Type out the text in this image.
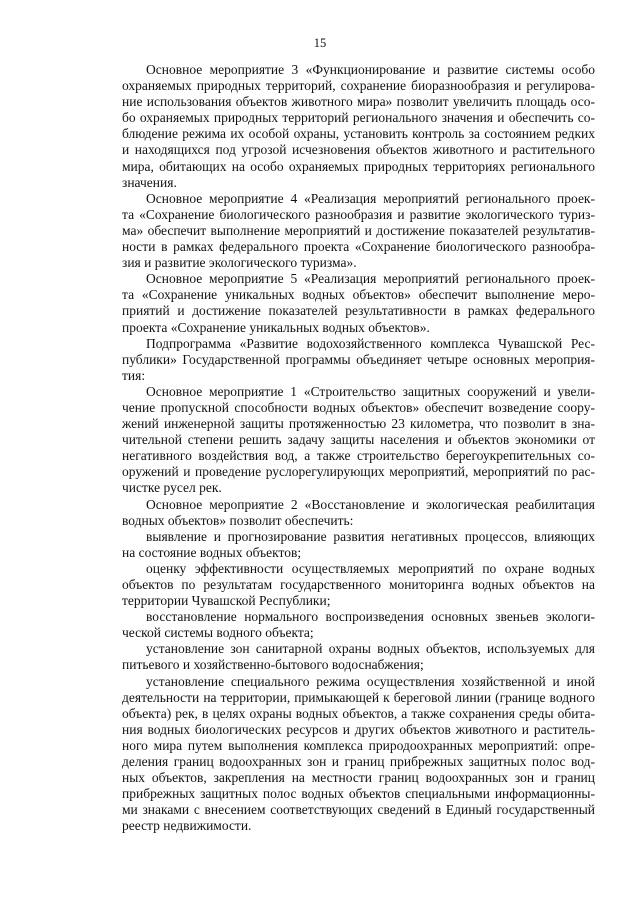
15

Основное мероприятие 3 «Функционирование и развитие системы особо
охраняемых природных территорий, сохранение биоразнообразия и регулирова-
ние использования объектов животного мира» позволит увеличить площадь осо-
бо охраняемых природных территорий регионального значения и обеспечить со-
блюдение режима их особой охраны, установить контроль за состоянием редких
и находящихся под угрозой исчезновения объектов животного и растительного
мира, обитающих на особо охраняемых природных территориях регионального
значения.

Основное мероприятие 4 «Реализация мероприятий регионального проек-
та «Сохранение биологического разнообразия и развитие экологического туриз-
ма» обеспечит выполнение мероприятий и достижение показателей результатив-
ности в рамках федерального проекта «Сохранение биологического разнообра-
зия и развитие экологического туризма».

Основное мероприятие 5 «Реализация мероприятий регионального проек-
та «Сохранение уникальных водных объектов» обеспечит выполнение меро-
приятий и достижение показателей результативности в рамках федерального
проекта «Сохранение уникальных водных объектов».

Подпрограмма «Развитие водохозяйственного комплекса Чувашской Рес-
публики» Государственной программы объединяет четыре основных мероприя-
тия:

Основное мероприятие 1 «Строительство защитных сооружений и увели-
чение пропускной способности водных объектов» обеспечит возведение соору-
жений инженерной защиты протяженностью 23 километра, что позволит в зна-
чительной степени решить задачу защиты населения и объектов экономики от
негативного воздействия вод, а также строительство берегоукрепительных со-
оружений и проведение руслорегулирующих мероприятий, мероприятий по рас-
чистке русел рек.

Основное мероприятие 2 «Восстановление и экологическая реабилитация
водных объектов» позволит обеспечить:

выявление и прогнозирование развития негативных процессов, влияющих
на состояние водных объектов;

оценку эффективности осуществляемых мероприятий по охране водных
объектов по результатам государственного мониторинга водных объектов на
территории Чувашской Республики;

восстановление нормального воспроизведения основных звеньев экологи-
ческой системы водного объекта;

установление зон санитарной охраны водных объектов, используемых для
питьевого и хозяйственно-бытового водоснабжения;

установление специального режима осуществления хозяйственной и иной
деятельности на территории, примыкающей к береговой линии (границе водного
объекта) рек, в целях охраны водных объектов, а также сохранения среды обита-
ния водных биологических ресурсов и других объектов животного и раститель-
ного мира путем выполнения комплекса природоохранных мероприятий: опре-
деления границ водоохранных зон и границ прибрежных защитных полос вод-
ных объектов, закрепления на местности границ водоохранных зон и границ
прибрежных защитных полос водных объектов специальными информационны-
ми знаками с внесением соответствующих сведений в Единый государственный
реестр недвижимости.
